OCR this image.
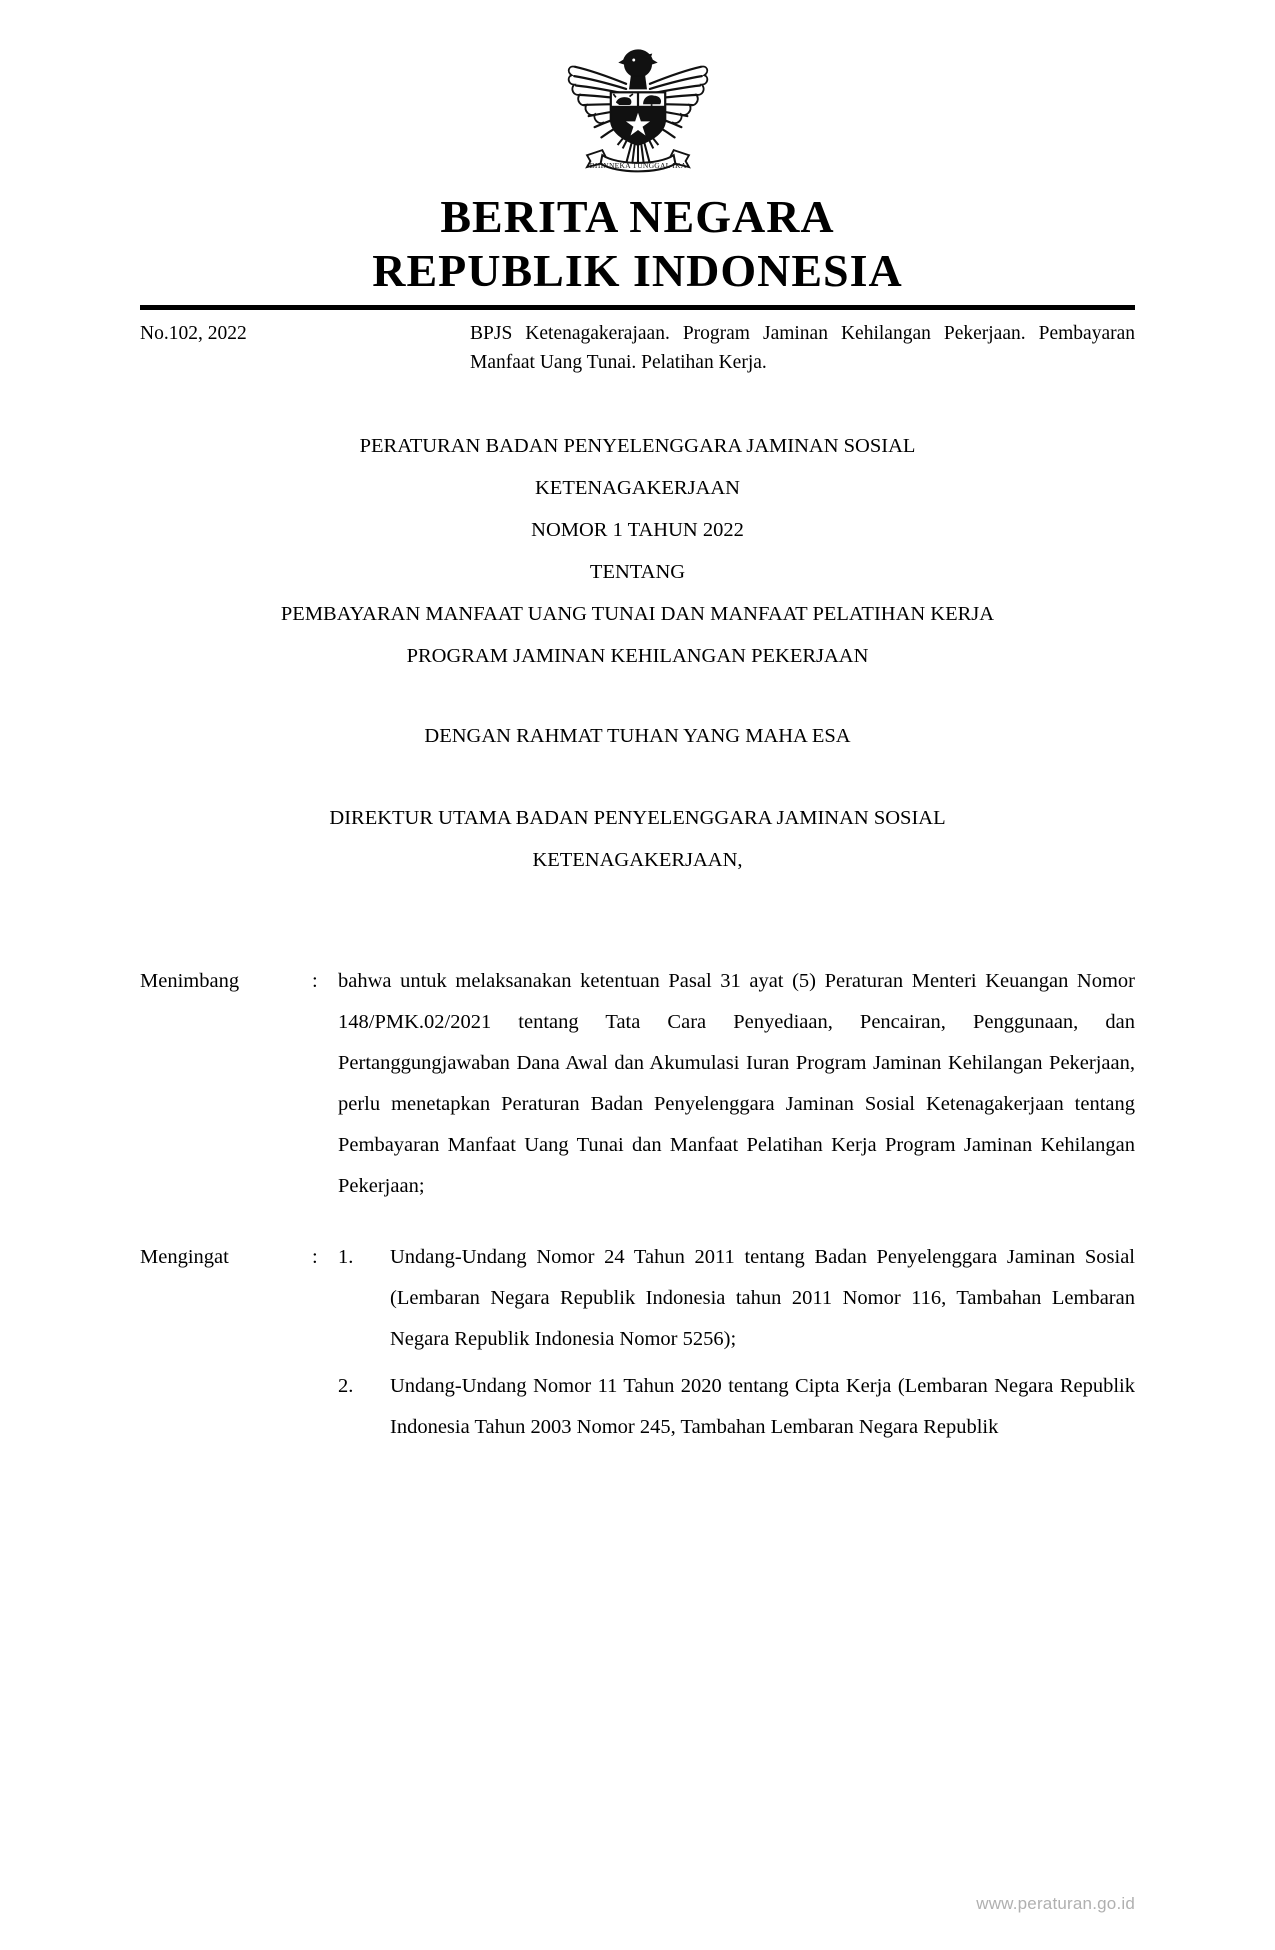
BHINNEKA TUNGGAL IKA
BERITA NEGARA
REPUBLIK INDONESIA
No.102, 2022	BPJS Ketenagakerajaan. Program Jaminan Kehilangan Pekerjaan. Pembayaran Manfaat Uang Tunai. Pelatihan Kerja.
PERATURAN BADAN PENYELENGGARA JAMINAN SOSIAL
KETENAGAKERJAAN
NOMOR 1 TAHUN 2022
TENTANG
PEMBAYARAN MANFAAT UANG TUNAI DAN MANFAAT PELATIHAN KERJA
PROGRAM JAMINAN KEHILANGAN PEKERJAAN
DENGAN RAHMAT TUHAN YANG MAHA ESA
DIREKTUR UTAMA BADAN PENYELENGGARA JAMINAN SOSIAL
KETENAGAKERJAAN,
Menimbang	: bahwa untuk melaksanakan ketentuan Pasal 31 ayat (5) Peraturan Menteri Keuangan Nomor 148/PMK.02/2021 tentang Tata Cara Penyediaan, Pencairan, Penggunaan, dan Pertanggungjawaban Dana Awal dan Akumulasi Iuran Program Jaminan Kehilangan Pekerjaan, perlu menetapkan Peraturan Badan Penyelenggara Jaminan Sosial Ketenagakerjaan tentang Pembayaran Manfaat Uang Tunai dan Manfaat Pelatihan Kerja Program Jaminan Kehilangan Pekerjaan;

Mengingat	: 1.	Undang-Undang Nomor 24 Tahun 2011 tentang Badan Penyelenggara Jaminan Sosial (Lembaran Negara Republik Indonesia tahun 2011 Nomor 116, Tambahan Lembaran Negara Republik Indonesia Nomor 5256);
2.	Undang-Undang Nomor 11 Tahun 2020 tentang Cipta Kerja (Lembaran Negara Republik Indonesia Tahun 2003 Nomor 245, Tambahan Lembaran Negara Republik
www.peraturan.go.id
